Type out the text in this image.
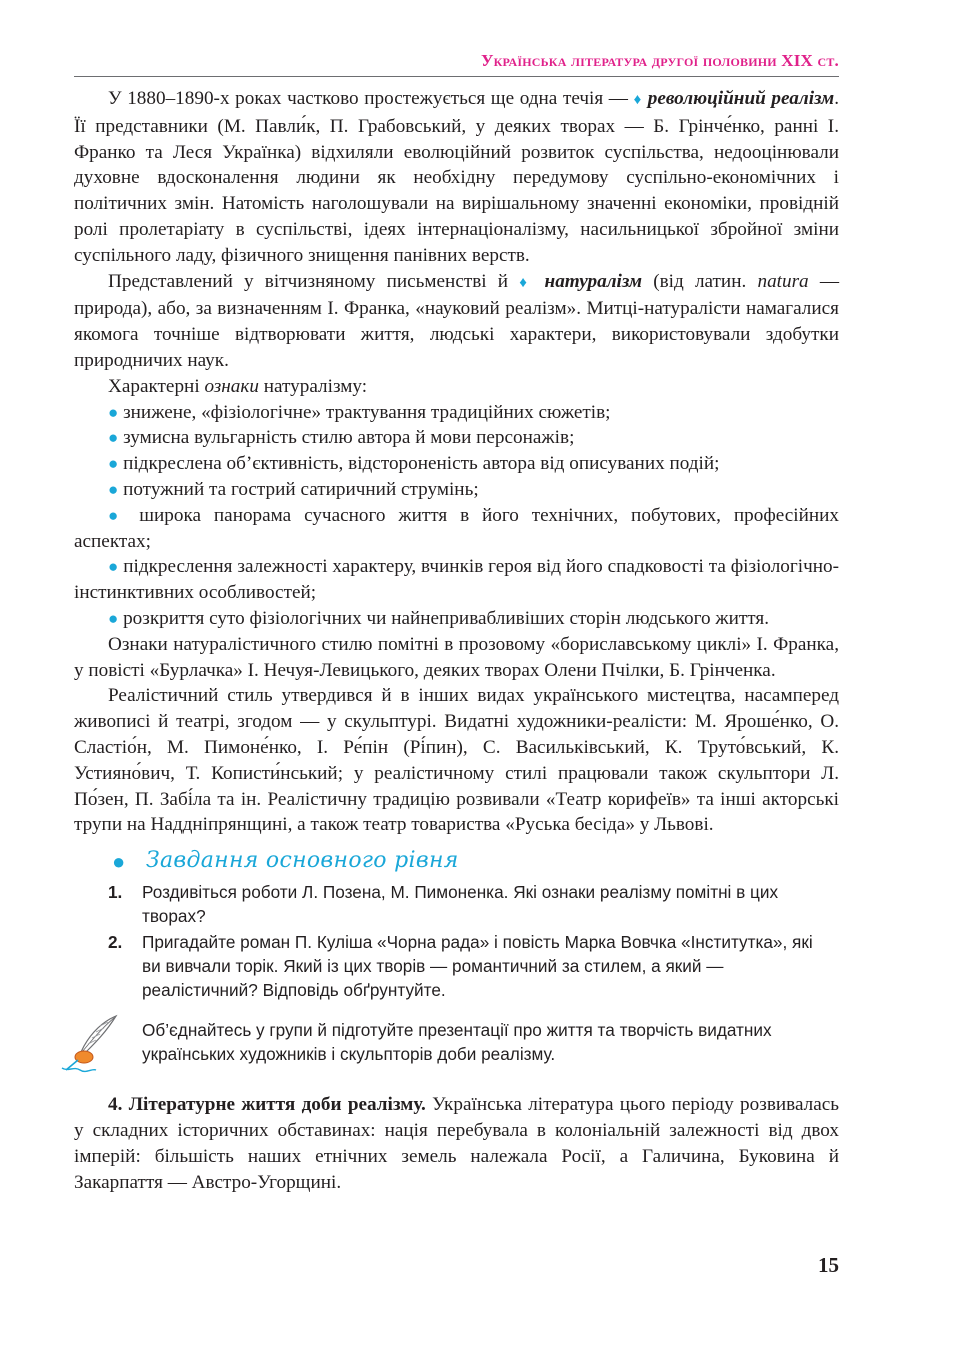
Українська література другої половини XIX ст.

У 1880–1890-х роках частково простежується ще одна течія — ♦ революційний реалізм. Її представники (М. Павли́к, П. Грабовський, у деяких творах — Б. Грінче́нко, ранні І. Франко та Леся Українка) відхиляли еволюційний розвиток суспільства, недооцінювали духовне вдосконалення людини як необхідну передумову суспільно-економічних і політичних змін. Натомість наголошували на вирішальному значенні економіки, провідній ролі пролетаріату в суспільстві, ідеях інтернаціоналізму, насильницької збройної зміни суспільного ладу, фізичного знищення панівних верств.

Представлений у вітчизняному письменстві й ♦ натуралізм (від латин. natura — природа), або, за визначенням І. Франка, «науковий реалізм». Митці-натуралісти намагалися якомога точніше відтворювати життя, людські характери, використовували здобутки природничих наук.

Характерні ознаки натуралізму:

● знижене, «фізіологічне» трактування традиційних сюжетів;

● зумисна вульгарність стилю автора й мови персонажів;

● підкреслена об’єктивність, відстороненість автора від описуваних подій;

● потужний та гострий сатиричний струмінь;

● широка панорама сучасного життя в його технічних, побутових, професійних аспектах;

● підкреслення залежності характеру, вчинків героя від його спадковості та фізіологічно-інстинктивних особливостей;

● розкриття суто фізіологічних чи найнепривабливіших сторін людського життя.

Ознаки натуралістичного стилю помітні в прозовому «бориславському циклі» І. Франка, у повісті «Бурлачка» І. Нечуя-Левицького, деяких творах Олени Пчілки, Б. Грінченка.

Реалістичний стиль утвердився й в інших видах українського мистецтва, насамперед живописі й театрі, згодом — у скульптурі. Видатні художники-реалісти: М. Яроше́нко, О. Сластіо́н, М. Пимоне́нко, І. Ре́пін (Рі́пин), С. Васильківський, К. Труто́вський, К. Устияно́вич, Т. Кописти́нський; у реалістичному стилі працювали також скульптори Л. По́зен, П. Забі́ла та ін. Реалістичну традицію розвивали «Театр корифеїв» та інші акторські трупи на Наддніпрянщині, а також театр товариства «Руська бесіда» у Львові.

● Завдання основного рівня
1. Роздивіться роботи Л. Позена, М. Пимоненка. Які ознаки реалізму помітні в цих творах?
2. Пригадайте роман П. Куліша «Чорна рада» і повість Марка Вовчка «Інститутка», які ви вивчали торік. Який із цих творів — романтичний за стилем, а який — реалістичний? Відповідь обґрунтуйте.
Об’єднайтесь у групи й підготуйте презентації про життя та творчість видатних українських художників і скульпторів доби реалізму.

4. Літературне життя доби реалізму. Українська література цього періоду розвивалась у складних історичних обставинах: нація перебувала в колоніальній залежності від двох імперій: більшість наших етнічних земель належала Росії, а Галичина, Буковина й Закарпаття — Австро-Угорщині.

15
